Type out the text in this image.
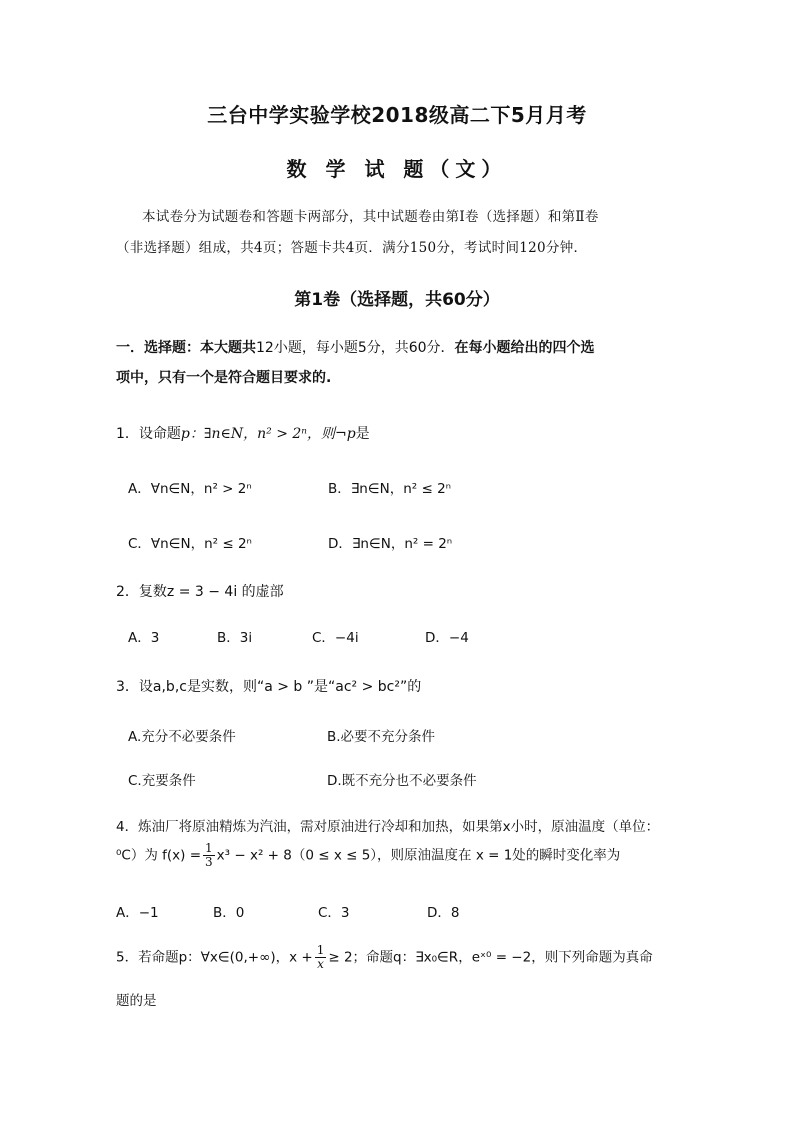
三台中学实验学校2018级高二下5月月考
数 学 试 题（文）
本试卷分为试题卷和答题卡两部分，其中试题卷由第Ⅰ卷（选择题）和第Ⅱ卷
（非选择题）组成，共4页；答题卡共4页．满分150分，考试时间120分钟．
第1卷（选择题，共60分）
一．选择题：本大题共12小题，每小题5分，共60分．在每小题给出的四个选
项中，只有一个是符合题目要求的.
1．设命题p：∃n∈N，n² > 2ⁿ，则¬p是
A．∀n∈N，n² > 2ⁿ	B．∃n∈N，n² ≤ 2ⁿ
C．∀n∈N，n² ≤ 2ⁿ	D．∃n∈N，n² = 2ⁿ
2．复数z = 3 − 4i 的虚部
A．3	B．3i	C．−4i	D．−4
3．设a,b,c是实数，则“a > b ”是“ac² > bc²”的
A.充分不必要条件	B.必要不充分条件
C.充要条件	D.既不充分也不必要条件

4．炼油厂将原油精炼为汽油，需对原油进行冷却和加热，如果第x小时，原油温度（单位：
⁰C）为 $f(x) = \frac{1}{3} x^3 - x^2 + 8(0 \le x \le 5)$，则原油温度在 x = 1处的瞬时变化率为
A．−1	B．0	C．3	D．8
5．若命题p：∀x∈(0,+∞)，$x + \frac{1}{x} \ge 2$；命题q：∃x₀∈R，eˣ⁰ = −2，则下列命题为真命
题的是
